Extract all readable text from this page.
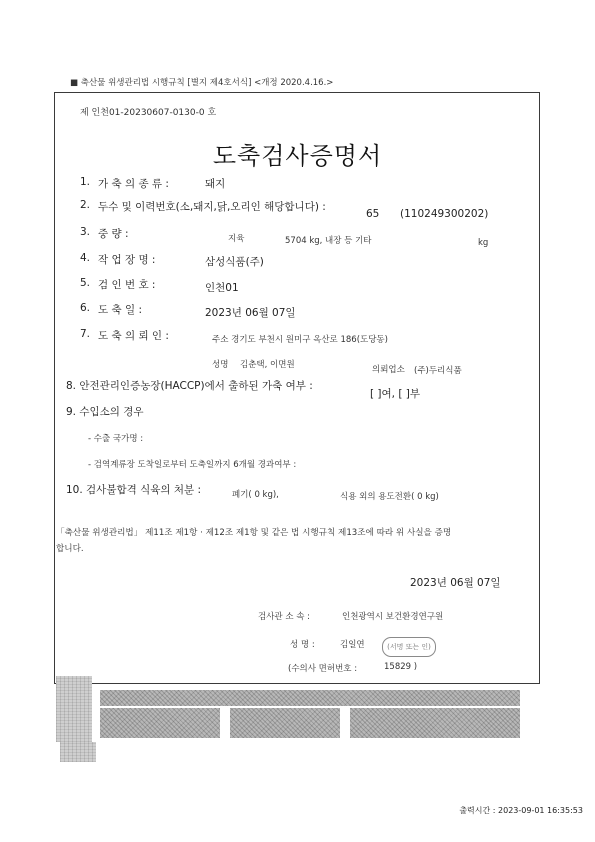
■ 축산물 위생관리법 시행규칙 [별지 제4호서식] <개정 2020.4.16.>
제 인천01-20230607-0130-0 호
도축검사증명서
1. 가 축 의 종 류 :	돼지
2. 두수 및 이력번호(소,돼지,닭,오리인 해당합니다) :
65 (110249300202)
3. 중 량 :	지육	5704 kg, 내장 등 기타	kg
4. 작 업 장 명 :	삼성식품(주)
5. 검 인 번 호 :	인천01
6. 도 축 일 :	2023년 06월 07일
7. 도 축 의 뢰 인 :	주소 경기도 부천시 원미구 옥산로 186(도당동)
성명 김춘택, 이면원	의뢰업소 (주)두리식품
8. 안전관리인증농장(HACCP)에서 출하된 가축 여부 :
[ ]여, [ ]부
9. 수입소의 경우
- 수출 국가명 :
- 검역계류장 도착일로부터 도축일까지 6개월 경과여부 :
10. 검사불합격 식육의 처분 :	폐기( 0 kg),	식용 외의 용도전환( 0 kg)
「축산물 위생관리법」 제11조 제1항 · 제12조 제1항 및 같은 법 시행규칙 제13조에 따라 위 사실을 증명
합니다.
2023년 06월 07일
검사관 소 속 :	인천광역시 보건환경연구원
성 명 :	김일연	(서명 또는 인)
(수의사 면허번호 :	15829 )
출력시간 : 2023-09-01 16:35:53
